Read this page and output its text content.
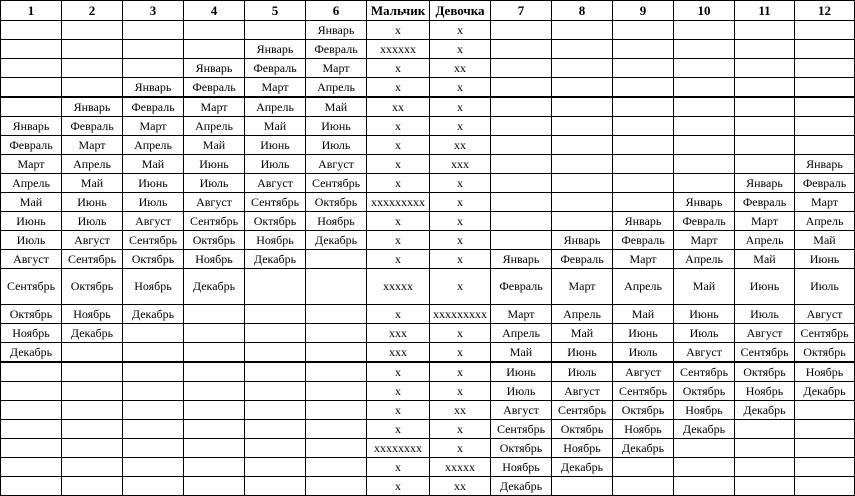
1	2	3	4	5	6	Мальчик	Девочка	7	8	9	10	11	12
					Январь	x	x						
				Январь	Февраль	xxxxxx	x						
			Январь	Февраль	Март	x	xx						
		Январь	Февраль	Март	Апрель	x	x						
	Январь	Февраль	Март	Апрель	Май	xx	x						
Январь	Февраль	Март	Апрель	Май	Июнь	x	x						
Февраль	Март	Апрель	Май	Июнь	Июль	x	xx						
Март	Апрель	Май	Июнь	Июль	Август	x	xxx						Январь
Апрель	Май	Июнь	Июль	Август	Сентябрь	x	x					Январь	Февраль
Май	Июнь	Июль	Август	Сентябрь	Октябрь	xxxxxxxxx	x				Январь	Февраль	Март
Июнь	Июль	Август	Сентябрь	Октябрь	Ноябрь	x	x			Январь	Февраль	Март	Апрель
Июль	Август	Сентябрь	Октябрь	Ноябрь	Декабрь	x	x		Январь	Февраль	Март	Апрель	Май
Август	Сентябрь	Октябрь	Ноябрь	Декабрь		x	x	Январь	Февраль	Март	Апрель	Май	Июнь
Сентябрь	Октябрь	Ноябрь	Декабрь			xxxxx	x	Февраль	Март	Апрель	Май	Июнь	Июль
Октябрь	Ноябрь	Декабрь				x	xxxxxxxxx	Март	Апрель	Май	Июнь	Июль	Август
Ноябрь	Декабрь					xxx	x	Апрель	Май	Июнь	Июль	Август	Сентябрь
Декабрь						xxx	x	Май	Июнь	Июль	Август	Сентябрь	Октябрь
						x	x	Июнь	Июль	Август	Сентябрь	Октябрь	Ноябрь
						x	x	Июль	Август	Сентябрь	Октябрь	Ноябрь	Декабрь
						x	xx	Август	Сентябрь	Октябрь	Ноябрь	Декабрь	
						x	x	Сентябрь	Октябрь	Ноябрь	Декабрь		
						xxxxxxxx	x	Октябрь	Ноябрь	Декабрь			
						x	xxxxx	Ноябрь	Декабрь				
						x	xx	Декабрь					
